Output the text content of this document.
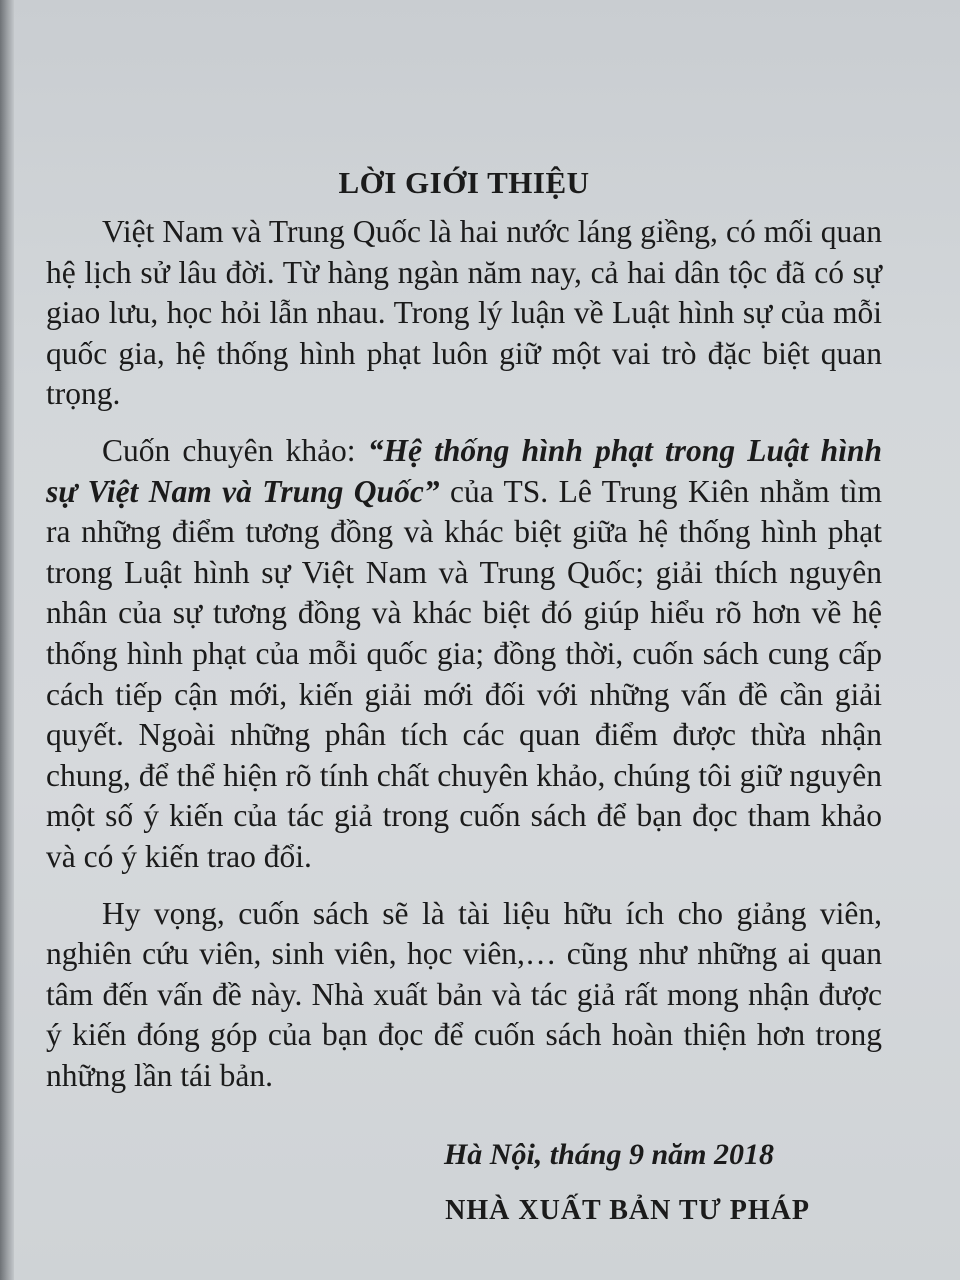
LỜI GIỚI THIỆU

Việt Nam và Trung Quốc là hai nước láng giềng, có mối quan hệ lịch sử lâu đời. Từ hàng ngàn năm nay, cả hai dân tộc đã có sự giao lưu, học hỏi lẫn nhau. Trong lý luận về Luật hình sự của mỗi quốc gia, hệ thống hình phạt luôn giữ một vai trò đặc biệt quan trọng.

Cuốn chuyên khảo: “Hệ thống hình phạt trong Luật hình sự Việt Nam và Trung Quốc” của TS. Lê Trung Kiên nhằm tìm ra những điểm tương đồng và khác biệt giữa hệ thống hình phạt trong Luật hình sự Việt Nam và Trung Quốc; giải thích nguyên nhân của sự tương đồng và khác biệt đó giúp hiểu rõ hơn về hệ thống hình phạt của mỗi quốc gia; đồng thời, cuốn sách cung cấp cách tiếp cận mới, kiến giải mới đối với những vấn đề cần giải quyết. Ngoài những phân tích các quan điểm được thừa nhận chung, để thể hiện rõ tính chất chuyên khảo, chúng tôi giữ nguyên một số ý kiến của tác giả trong cuốn sách để bạn đọc tham khảo và có ý kiến trao đổi.

Hy vọng, cuốn sách sẽ là tài liệu hữu ích cho giảng viên, nghiên cứu viên, sinh viên, học viên,… cũng như những ai quan tâm đến vấn đề này. Nhà xuất bản và tác giả rất mong nhận được ý kiến đóng góp của bạn đọc để cuốn sách hoàn thiện hơn trong những lần tái bản.

Hà Nội, tháng 9 năm 2018
NHÀ XUẤT BẢN TƯ PHÁP
